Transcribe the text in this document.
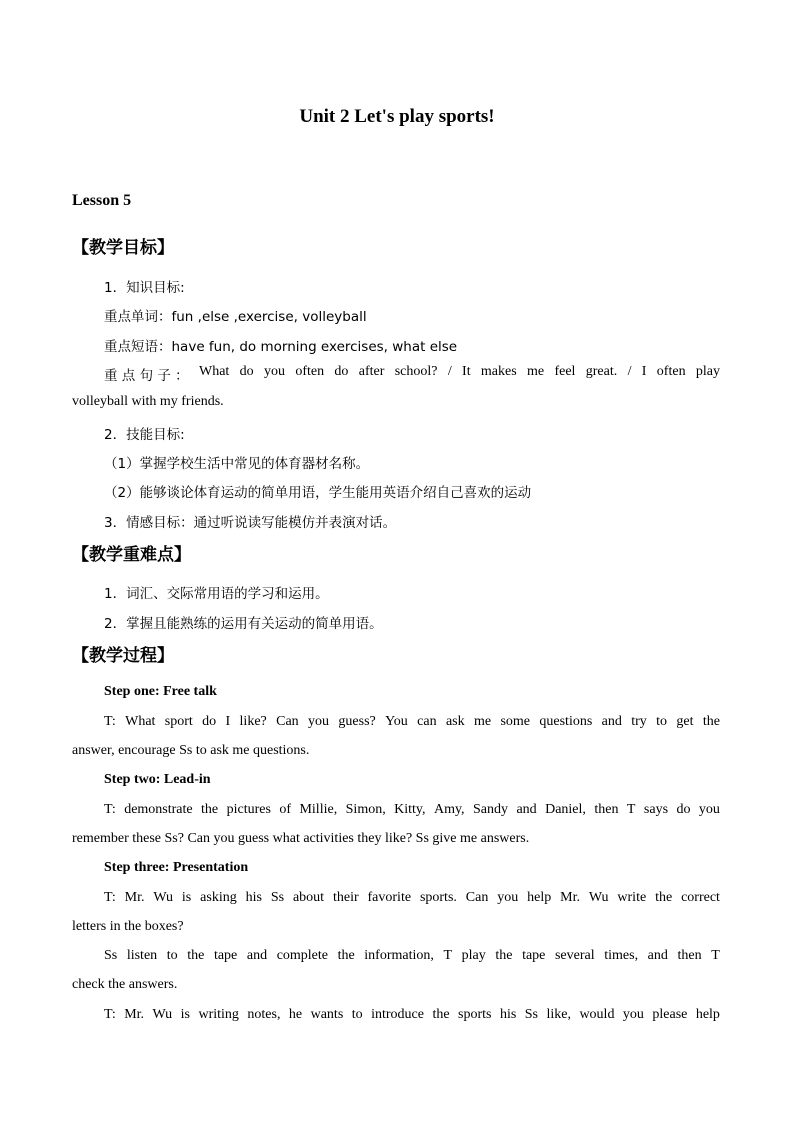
Unit 2 Let's play sports!
Lesson 5
【教学目标】
1．知识目标:
重点单词：fun ,else ,exercise, volleyball
重点短语：have fun, do morning exercises, what else
重 点 句 子 ： What do you often do after school? / It makes me feel great. / I often play
volleyball with my friends.
2．技能目标:
（1）掌握学校生活中常见的体育器材名称。
（2）能够谈论体育运动的简单用语，学生能用英语介绍自己喜欢的运动
3．情感目标：通过听说读写能模仿并表演对话。
【教学重难点】
1．词汇、交际常用语的学习和运用。
2．掌握且能熟练的运用有关运动的简单用语。
【教学过程】
Step one: Free talk
T: What sport do I like? Can you guess? You can ask me some questions and try to get the
answer, encourage Ss to ask me questions.
Step two: Lead-in
T: demonstrate the pictures of Millie, Simon, Kitty, Amy, Sandy and Daniel, then T says do you
remember these Ss? Can you guess what activities they like? Ss give me answers.
Step three: Presentation
T: Mr. Wu is asking his Ss about their favorite sports. Can you help Mr. Wu write the correct
letters in the boxes?
Ss listen to the tape and complete the information, T play the tape several times, and then T
check the answers.
T: Mr. Wu is writing notes, he wants to introduce the sports his Ss like, would you please help
